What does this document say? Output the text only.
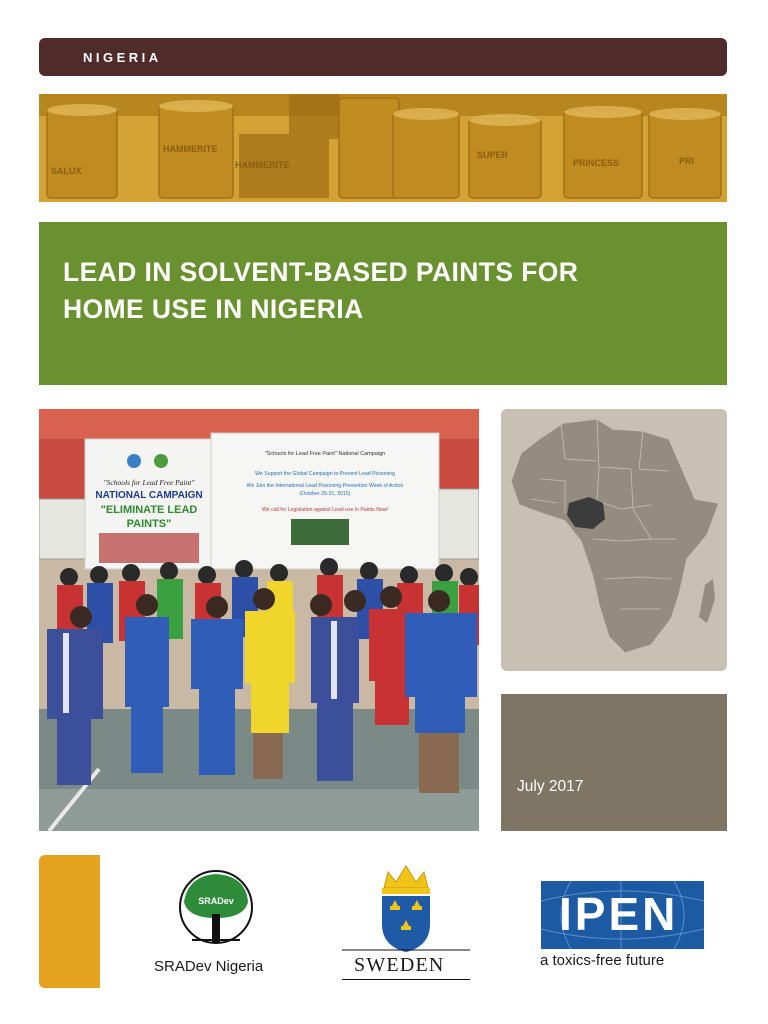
NIGERIA
SALUX
HAMMERITE
HAMMERITE
SUPER
PRINCESS	PRI
LEAD IN SOLVENT-BASED PAINTS FOR
HOME USE IN NIGERIA
"Schools for Lead Free Paint"
NATIONAL CAMPAIGN
"ELIMINATE LEAD
PAINTS"
"Schools for Lead Free Paint" National Campaign
We Support the Global Campaign to Prevent Lead Poisoning
We Join the International Lead Poisoning Prevention Week of Action
(October 25-31, 2015)
We call for Legislation against Lead use in Paints Now!
July 2017
SRADev
SRADev Nigeria	SWEDEN
IPEN
a toxics-free future
